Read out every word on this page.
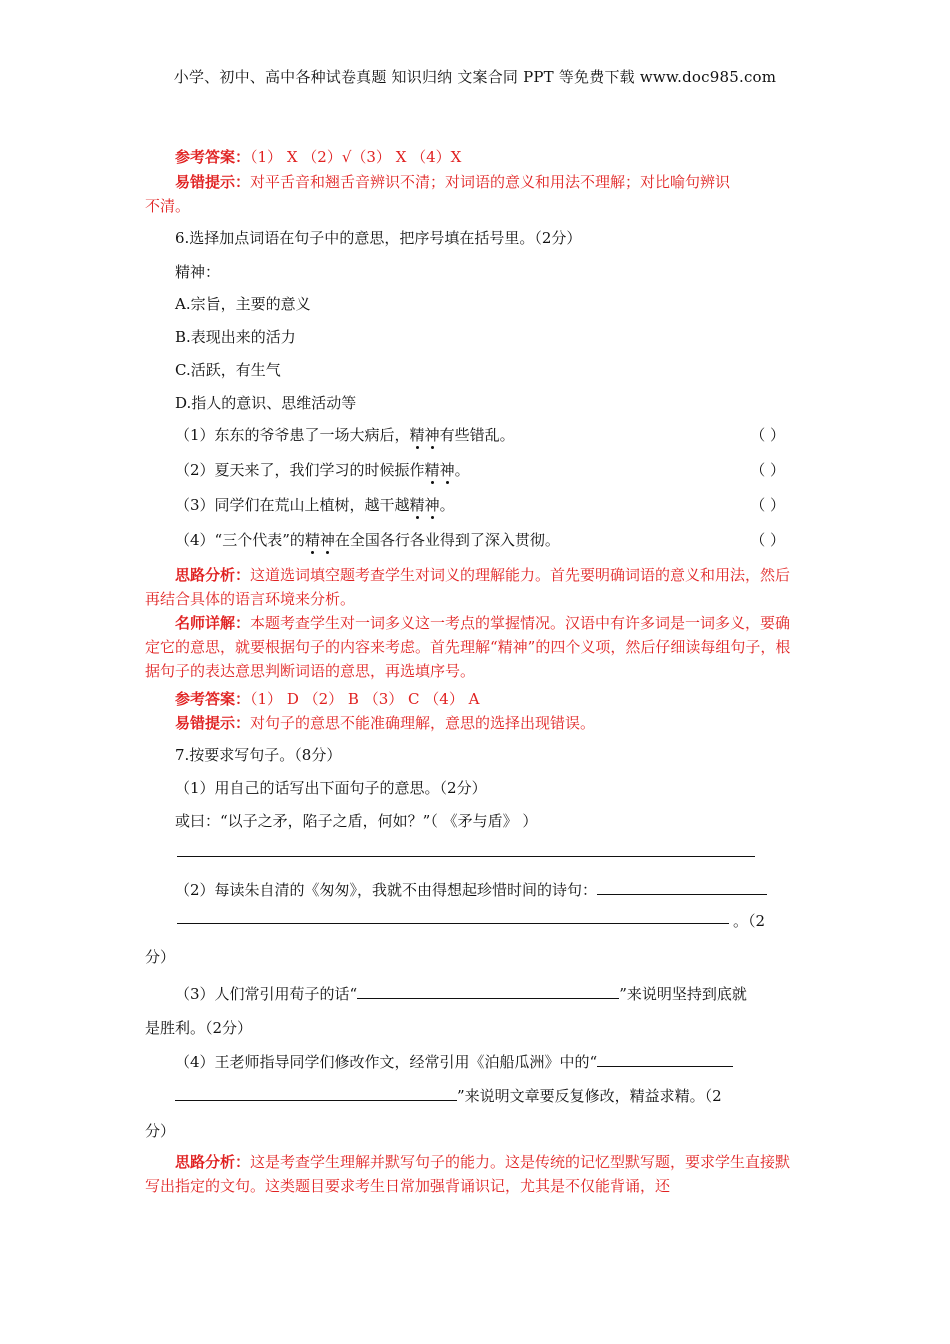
小学、初中、高中各种试卷真题 知识归纳 文案合同 PPT 等免费下载 www.doc985.com
参考答案：（1） X （2）√（3） X （4）X
易错提示：对平舌音和翘舌音辨识不清；对词语的意义和用法不理解；对比喻句辨识
不清。
6.选择加点词语在句子中的意思，把序号填在括号里。（2分）
精神：
A.宗旨，主要的意义
B.表现出来的活力
C.活跃，有生气
D.指人的意识、思维活动等
（1）东东的爷爷患了一场大病后，精神有些错乱。	（ ）
（2）夏天来了，我们学习的时候振作精神。	（ ）
（3）同学们在荒山上植树，越干越精神。	（ ）
（4）“三个代表”的精神在全国各行各业得到了深入贯彻。	（ ）
思路分析：这道选词填空题考查学生对词义的理解能力。首先要明确词语的意义和用法，然后再结合具体的语言环境来分析。
名师详解：本题考查学生对一词多义这一考点的掌握情况。汉语中有许多词是一词多义，要确定它的意思，就要根据句子的内容来考虑。首先理解“精神”的四个义项，然后仔细读每组句子，根据句子的表达意思判断词语的意思，再选填序号。
参考答案：（1） D （2） B （3） C （4） A
易错提示：对句子的意思不能准确理解，意思的选择出现错误。
7.按要求写句子。（8分）
（1）用自己的话写出下面句子的意思。（2分）
或曰：“以子之矛，陷子之盾，何如？”（ 《矛与盾》 ）
（2）每读朱自清的《匆匆》，我就不由得想起珍惜时间的诗句：
。（2
分）
（3）人们常引用荀子的话“	”来说明坚持到底就
是胜利。（2分）
（4）王老师指导同学们修改作文，经常引用《泊船瓜洲》中的“
”来说明文章要反复修改，精益求精。（2
分）
思路分析：这是考查学生理解并默写句子的能力。这是传统的记忆型默写题，要求学生直接默写出指定的文句。这类题目要求考生日常加强背诵识记，尤其是不仅能背诵，还
